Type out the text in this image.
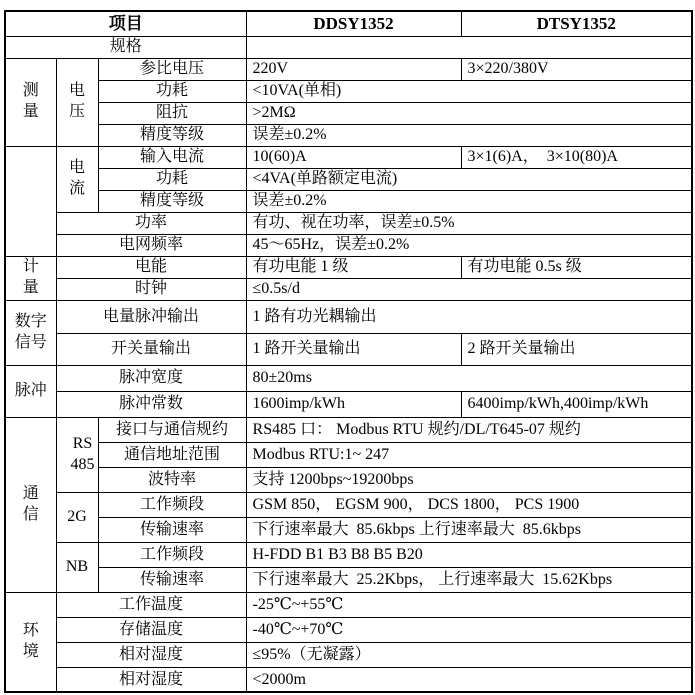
项目			DDSY1352	DTSY1352
规格				
测量	电压	参比电压	220V	3×220/380V
		功耗	<10VA(单相)	
		阻抗	>2MΩ	
		精度等级	误差±0.2%	
	电流	输入电流	10(60)A	3×1(6)A，  3×10(80)A
		功耗	<4VA(单路额定电流)	
		精度等级	误差±0.2%	
	功率		有功、视在功率，误差±0.5%	
	电网频率		45～65Hz，误差±0.2%	
计量	电能		有功电能 1 级	有功电能 0.5s 级
	时钟		≤0.5s/d	
数字信号	电量脉冲输出		1 路有功光耦输出	
	开关量输出		1 路开关量输出	2 路开关量输出
脉冲	脉冲宽度		80±20ms	
	脉冲常数		1600imp/kWh	6400imp/kWh,400imp/kWh
通信	RS 485	接口与通信规约	RS485 口： Modbus RTU 规约/DL/T645-07 规约	
		通信地址范围	Modbus RTU:1~ 247	
		波特率	支持 1200bps~19200bps	
	2G	工作频段	GSM 850， EGSM 900， DCS 1800， PCS 1900	
		传输速率	下行速率最大  85.6kbps 上行速率最大  85.6kbps	
	NB	工作频段	H-FDD B1 B3 B8 B5 B20	
		传输速率	下行速率最大  25.2Kbps， 上行速率最大  15.62Kbps	
环境	工作温度		-25℃~+55℃	
	存储温度		-40℃~+70℃	
	相对湿度		≤95%（无凝露）	
	相对湿度		<2000m	
